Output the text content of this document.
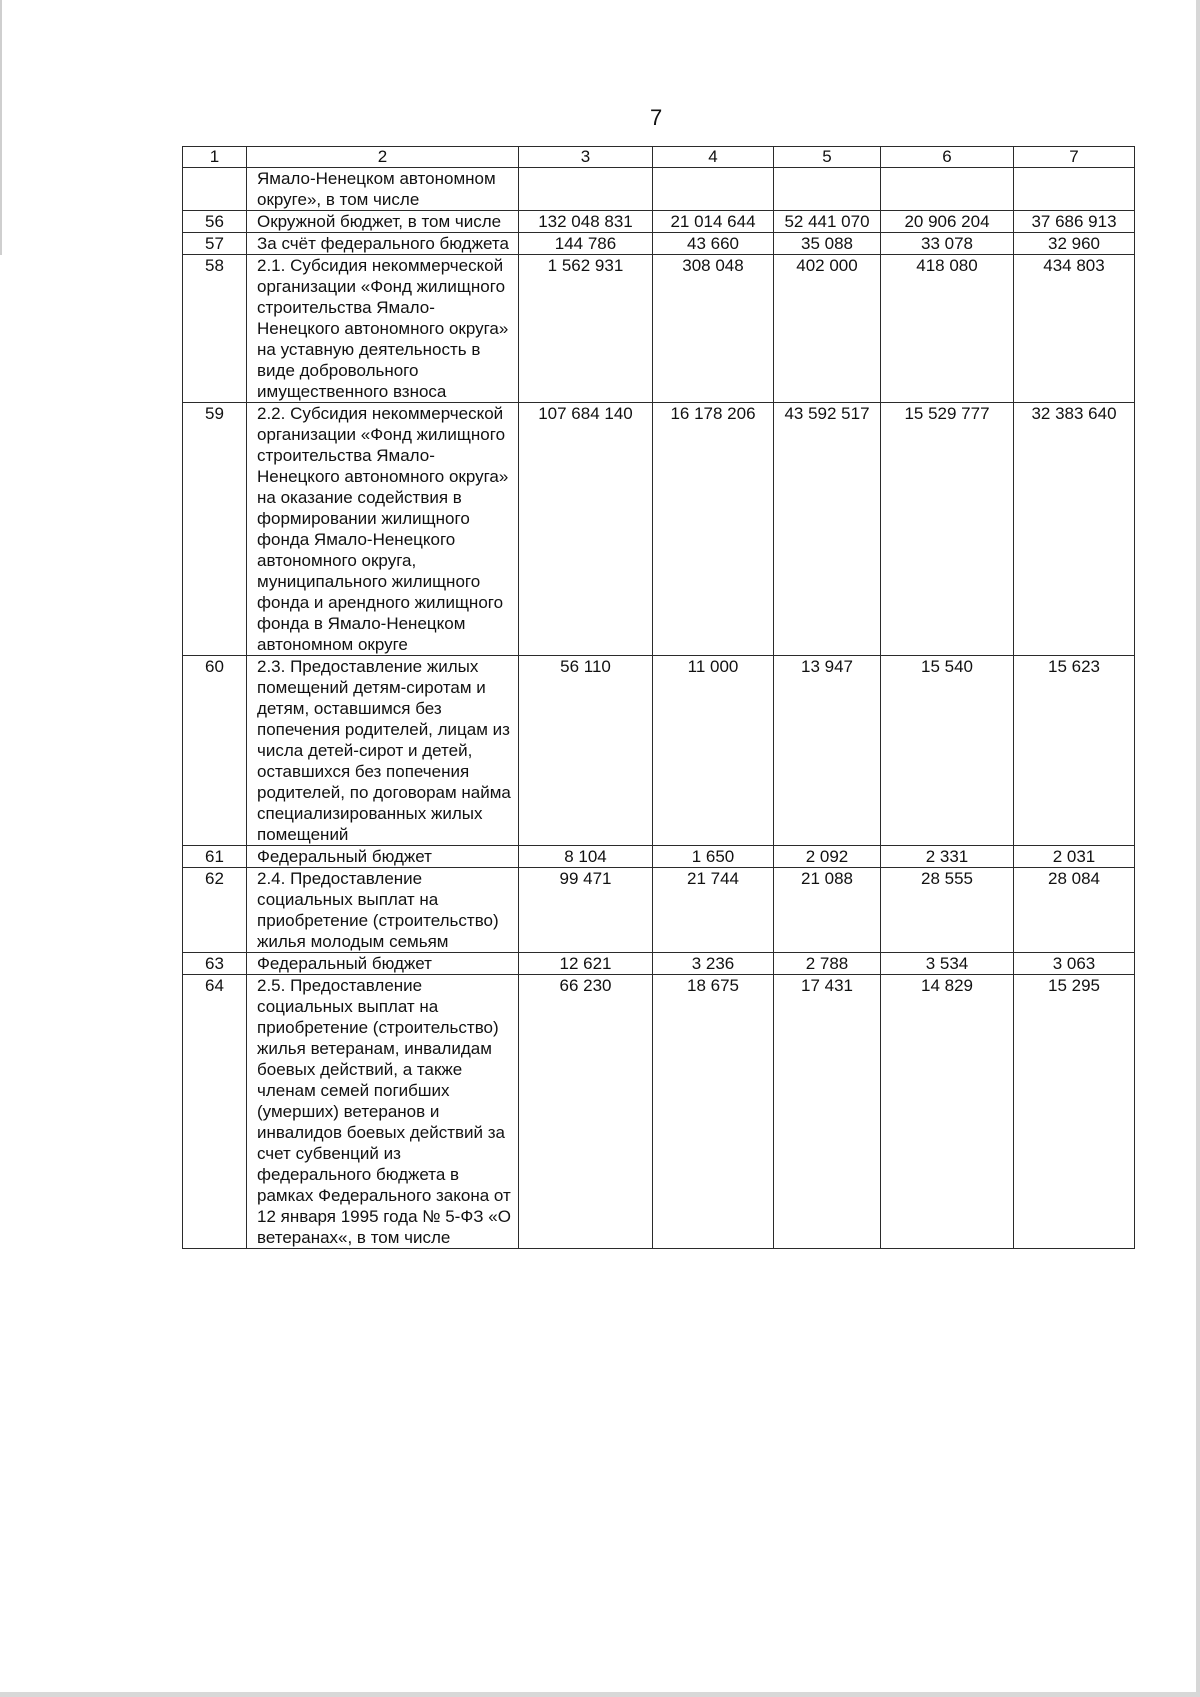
7
1	2	3	4	5	6	7
	Ямало-Ненецком автономном округе», в том числе					
56	Окружной бюджет, в том числе	132 048 831	21 014 644	52 441 070	20 906 204	37 686 913
57	За счёт федерального бюджета	144 786	43 660	35 088	33 078	32 960
58	2.1. Субсидия некоммерческой организации «Фонд жилищного строительства Ямало-Ненецкого автономного округа» на уставную деятельность в виде добровольного имущественного взноса	1 562 931	308 048	402 000	418 080	434 803
59	2.2. Субсидия некоммерческой организации «Фонд жилищного строительства Ямало-Ненецкого автономного округа» на оказание содействия в формировании жилищного фонда Ямало-Ненецкого автономного округа, муниципального жилищного фонда и арендного жилищного фонда в Ямало-Ненецком автономном округе	107 684 140	16 178 206	43 592 517	15 529 777	32 383 640
60	2.3. Предоставление жилых помещений детям-сиротам и детям, оставшимся без попечения родителей, лицам из числа детей-сирот и детей, оставшихся без попечения родителей, по договорам найма специализированных жилых помещений	56 110	11 000	13 947	15 540	15 623
61	Федеральный бюджет	8 104	1 650	2 092	2 331	2 031
62	2.4. Предоставление социальных выплат на приобретение (строительство) жилья молодым семьям	99 471	21 744	21 088	28 555	28 084
63	Федеральный бюджет	12 621	3 236	2 788	3 534	3 063
64	2.5. Предоставление социальных выплат на приобретение (строительство) жилья ветеранам, инвалидам боевых действий, а также членам семей погибших (умерших) ветеранов и инвалидов боевых действий за счет субвенций из федерального бюджета в рамках Федерального закона от 12 января 1995 года № 5-ФЗ «О ветеранах«, в том числе	66 230	18 675	17 431	14 829	15 295
